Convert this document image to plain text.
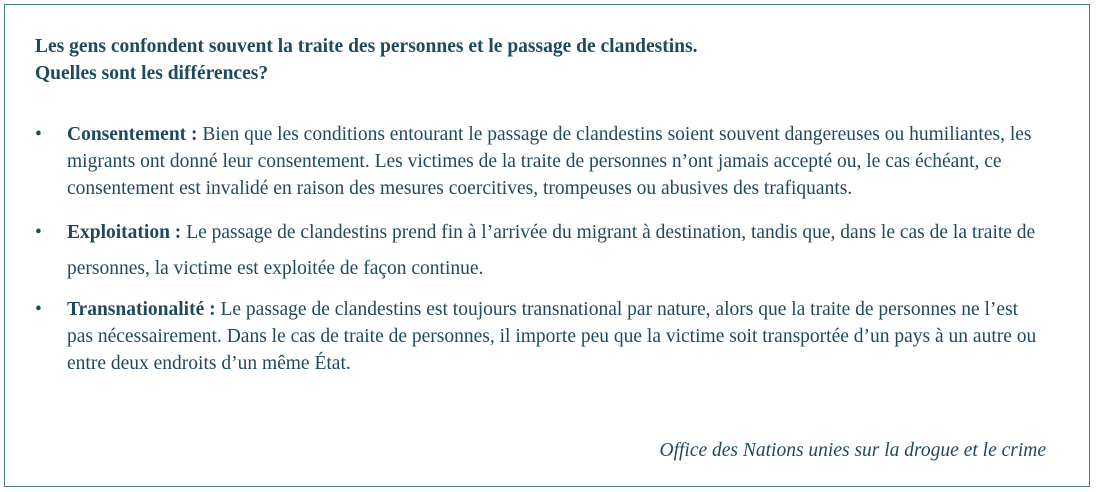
Les gens confondent souvent la traite des personnes et le passage de clandestins.
Quelles sont les différences?
• Consentement : Bien que les conditions entourant le passage de clandestins soient souvent dangereuses ou humiliantes, les migrants ont donné leur consentement. Les victimes de la traite de personnes n’ont jamais accepté ou, le cas échéant, ce consentement est invalidé en raison des mesures coercitives, trompeuses ou abusives des trafiquants.
• Exploitation : Le passage de clandestins prend fin à l’arrivée du migrant à destination, tandis que, dans le cas de la traite de personnes, la victime est exploitée de façon continue.
• Transnationalité : Le passage de clandestins est toujours transnational par nature, alors que la traite de personnes ne l’est pas nécessairement. Dans le cas de traite de personnes, il importe peu que la victime soit transportée d’un pays à un autre ou entre deux endroits d’un même État.
Office des Nations unies sur la drogue et le crime
